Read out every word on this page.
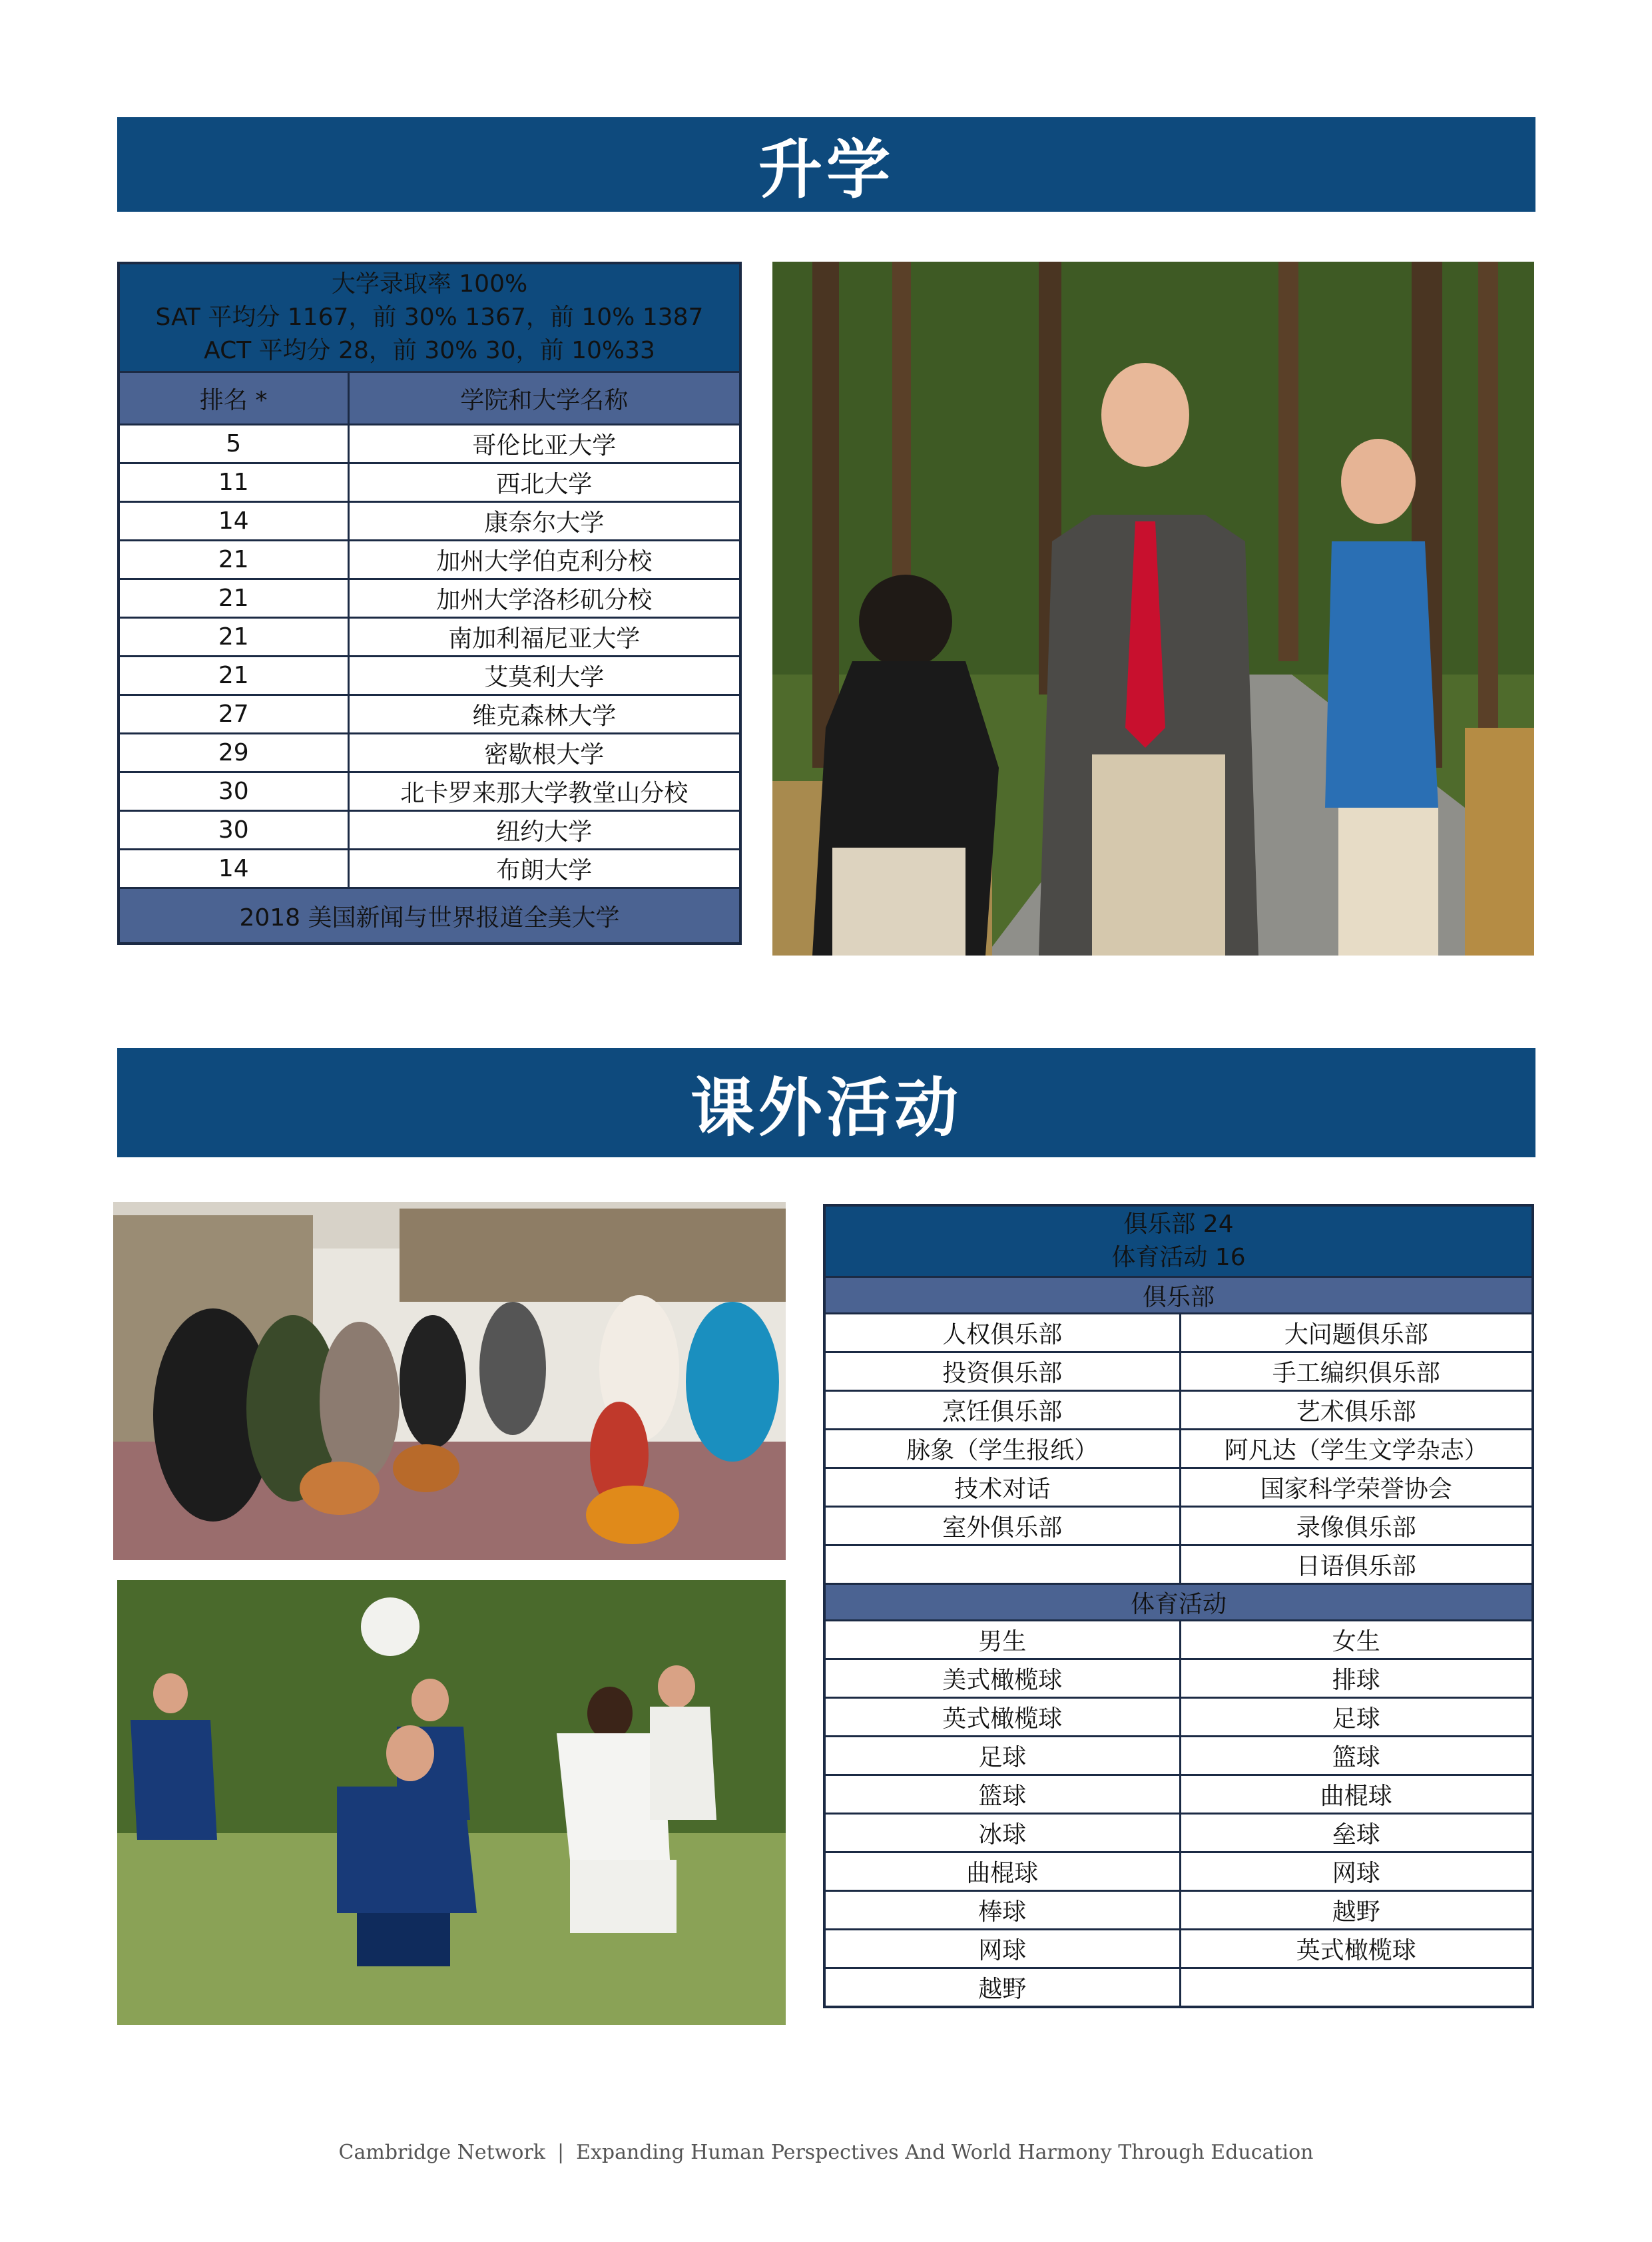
升学
大学录取率 100%
SAT 平均分 1167，前 30% 1367，前 10% 1387
ACT 平均分 28，前 30% 30，前 10%33	

排名 *	学院和大学名称
5	哥伦比亚大学
11	西北大学
14	康奈尔大学
21	加州大学伯克利分校
21	加州大学洛杉矶分校
21	南加利福尼亚大学
21	艾莫利大学
27	维克森林大学
29	密歇根大学
30	北卡罗来那大学教堂山分校
30	纽约大学
14	布朗大学
2018 美国新闻与世界报道全美大学	
课外活动
俱乐部 24
体育活动 16	

俱乐部	
人权俱乐部	大问题俱乐部
投资俱乐部	手工编织俱乐部
烹饪俱乐部	艺术俱乐部
脉象（学生报纸）	阿凡达（学生文学杂志）
技术对话	国家科学荣誉协会
室外俱乐部	录像俱乐部
	日语俱乐部
体育活动	
男生	女生
美式橄榄球	排球
英式橄榄球	足球
足球	篮球
篮球	曲棍球
冰球	垒球
曲棍球	网球
棒球	越野
网球	英式橄榄球
越野	
Cambridge Network | Expanding Human Perspectives And World Harmony Through Education
